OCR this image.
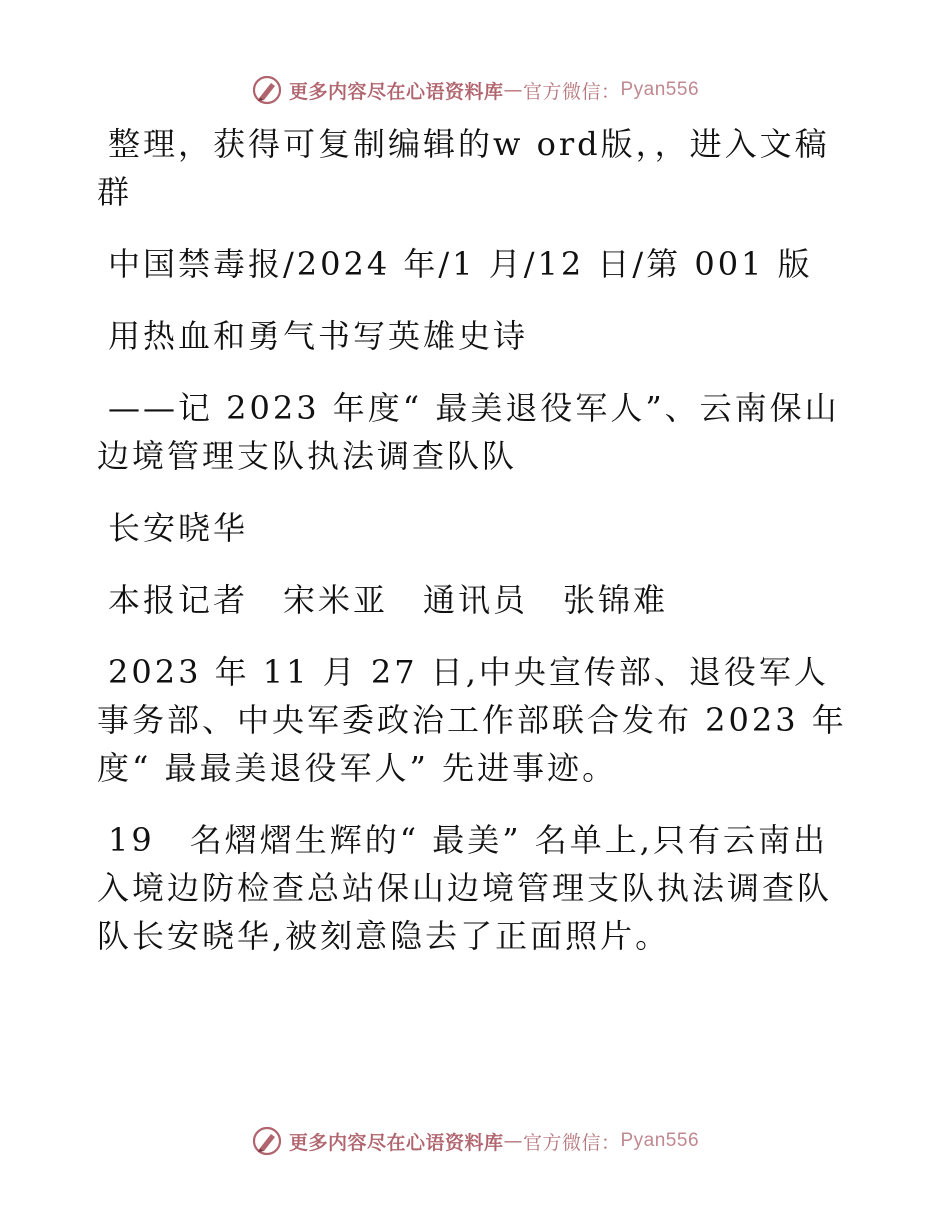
更多内容尽在心语资料库 — 官方微信： Pyan556

整理，获得可复制编辑的w ord版，，进入文稿群

中国禁毒报/2024 年/1 月/12 日/第 001 版

用热血和勇气书写英雄史诗

——记 2023 年度“ 最美退役军人”、云南保山边境管理支队执法调查队队

长安晓华

本报记者　宋米亚　通讯员　张锦难

2023 年 11 月 27 日,中央宣传部、退役军人事务部、中央军委政治工作部联合发布 2023 年度“ 最最美退役军人” 先进事迹。

19　名熠熠生辉的“ 最美” 名单上,只有云南出入境边防检查总站保山边境管理支队执法调查队队长安晓华,被刻意隐去了正面照片。

更多内容尽在心语资料库 — 官方微信： Pyan556
